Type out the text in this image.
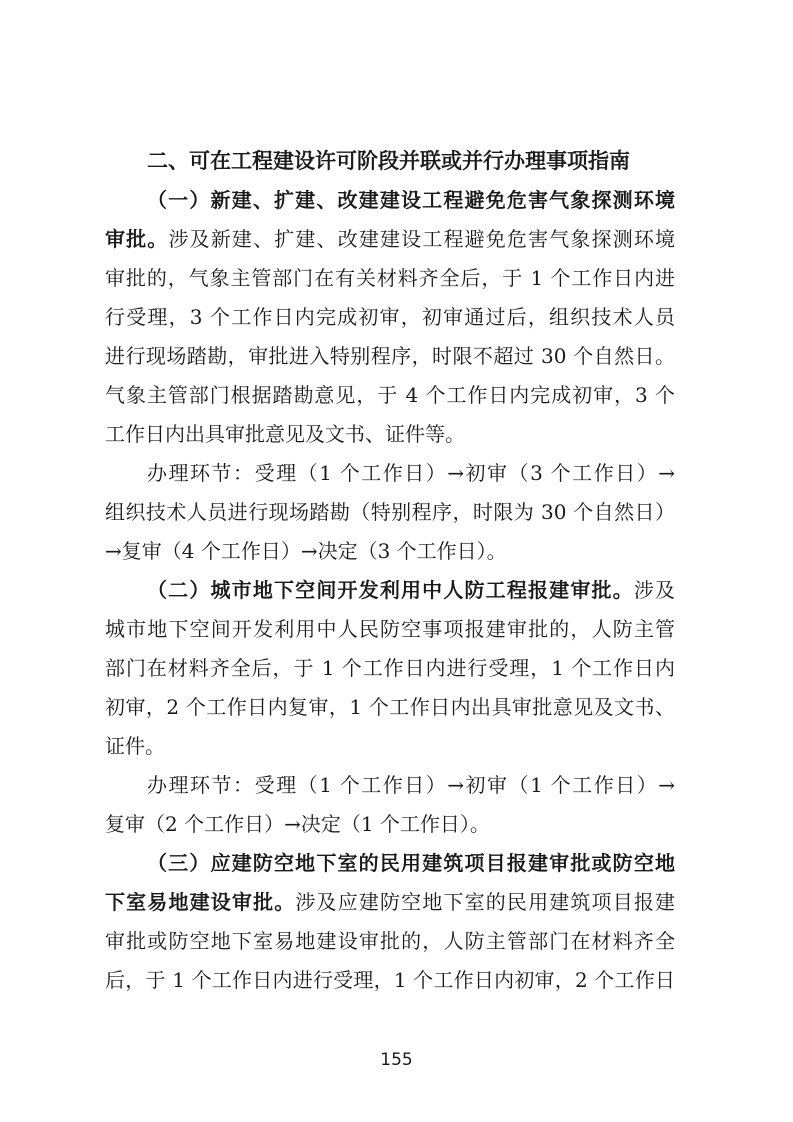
二、可在工程建设许可阶段并联或并行办理事项指南
（一）新建、扩建、改建建设工程避免危害气象探测环境
审批。涉及新建、扩建、改建建设工程避免危害气象探测环境
审批的，气象主管部门在有关材料齐全后，于 1 个工作日内进
行受理，3 个工作日内完成初审，初审通过后，组织技术人员
进行现场踏勘，审批进入特别程序，时限不超过 30 个自然日。
气象主管部门根据踏勘意见，于 4 个工作日内完成初审，3 个
工作日内出具审批意见及文书、证件等。
办理环节：受理（1 个工作日）→初审（3 个工作日）→
组织技术人员进行现场踏勘（特别程序，时限为 30 个自然日）
→复审（4 个工作日）→决定（3 个工作日）。
（二）城市地下空间开发利用中人防工程报建审批。涉及
城市地下空间开发利用中人民防空事项报建审批的，人防主管
部门在材料齐全后，于 1 个工作日内进行受理，1 个工作日内
初审，2 个工作日内复审，1 个工作日内出具审批意见及文书、
证件。
办理环节：受理（1 个工作日）→初审（1 个工作日）→
复审（2 个工作日）→决定（1 个工作日）。
（三）应建防空地下室的民用建筑项目报建审批或防空地
下室易地建设审批。涉及应建防空地下室的民用建筑项目报建
审批或防空地下室易地建设审批的，人防主管部门在材料齐全
后，于 1 个工作日内进行受理，1 个工作日内初审，2 个工作日
155
